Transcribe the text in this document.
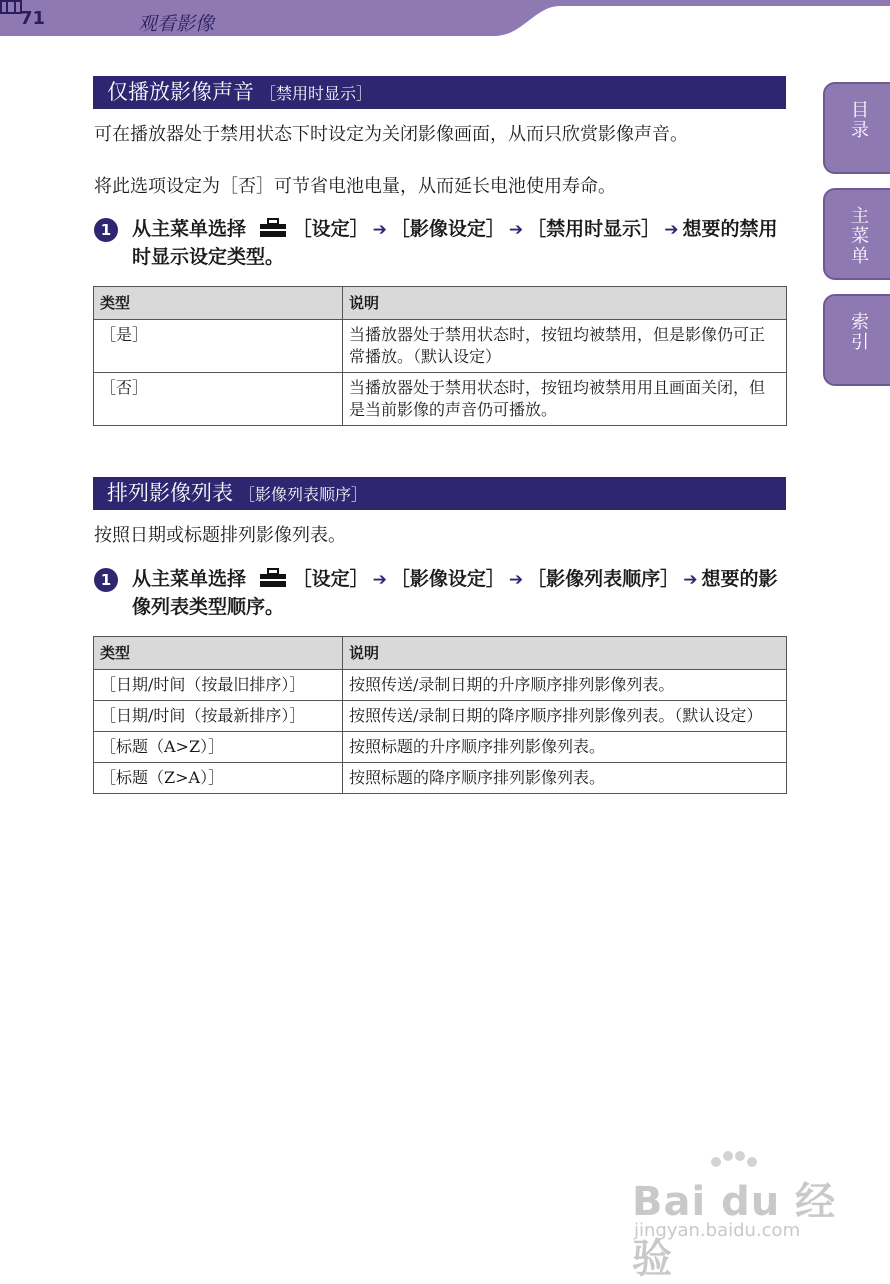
71	观看影像
目录
主菜单
索引
仅播放影像声音 ［禁用时显示］
可在播放器处于禁用状态下时设定为关闭影像画面，从而只欣赏影像声音。
将此选项设定为［否］可节省电池电量，从而延长电池使用寿命。
1	从主菜单选择 ［设定］ ➔ ［影像设定］ ➔ ［禁用时显示］ ➔ 想要的禁用时显示设定类型。
类型	说明
［是］	当播放器处于禁用状态时，按钮均被禁用，但是影像仍可正常播放。（默认设定）
［否］	当播放器处于禁用状态时，按钮均被禁用用且画面关闭，但是当前影像的声音仍可播放。
排列影像列表 ［影像列表顺序］
按照日期或标题排列影像列表。
1	从主菜单选择 ［设定］ ➔ ［影像设定］ ➔ ［影像列表顺序］ ➔ 想要的影像列表类型顺序。
类型	说明
［日期/时间（按最旧排序）］	按照传送/录制日期的升序顺序排列影像列表。
［日期/时间（按最新排序）］	按照传送/录制日期的降序顺序排列影像列表。（默认设定）
［标题（A>Z）］	按照标题的升序顺序排列影像列表。
［标题（Z>A）］	按照标题的降序顺序排列影像列表。
Bai du 经验
jingyan.baidu.com
